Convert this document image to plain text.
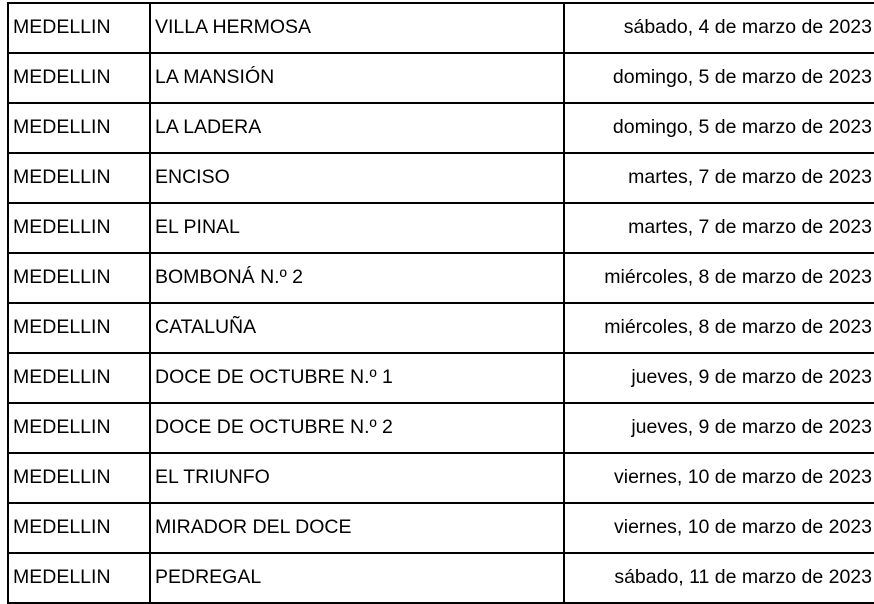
MEDELLIN	VILLA HERMOSA	sábado, 4 de marzo de 2023
MEDELLIN	LA MANSIÓN	domingo, 5 de marzo de 2023
MEDELLIN	LA LADERA	domingo, 5 de marzo de 2023
MEDELLIN	ENCISO	martes, 7 de marzo de 2023
MEDELLIN	EL PINAL	martes, 7 de marzo de 2023
MEDELLIN	BOMBONÁ N.º 2	miércoles, 8 de marzo de 2023
MEDELLIN	CATALUÑA	miércoles, 8 de marzo de 2023
MEDELLIN	DOCE DE OCTUBRE N.º 1	jueves, 9 de marzo de 2023
MEDELLIN	DOCE DE OCTUBRE N.º 2	jueves, 9 de marzo de 2023
MEDELLIN	EL TRIUNFO	viernes, 10 de marzo de 2023
MEDELLIN	MIRADOR DEL DOCE	viernes, 10 de marzo de 2023
MEDELLIN	PEDREGAL	sábado, 11 de marzo de 2023
